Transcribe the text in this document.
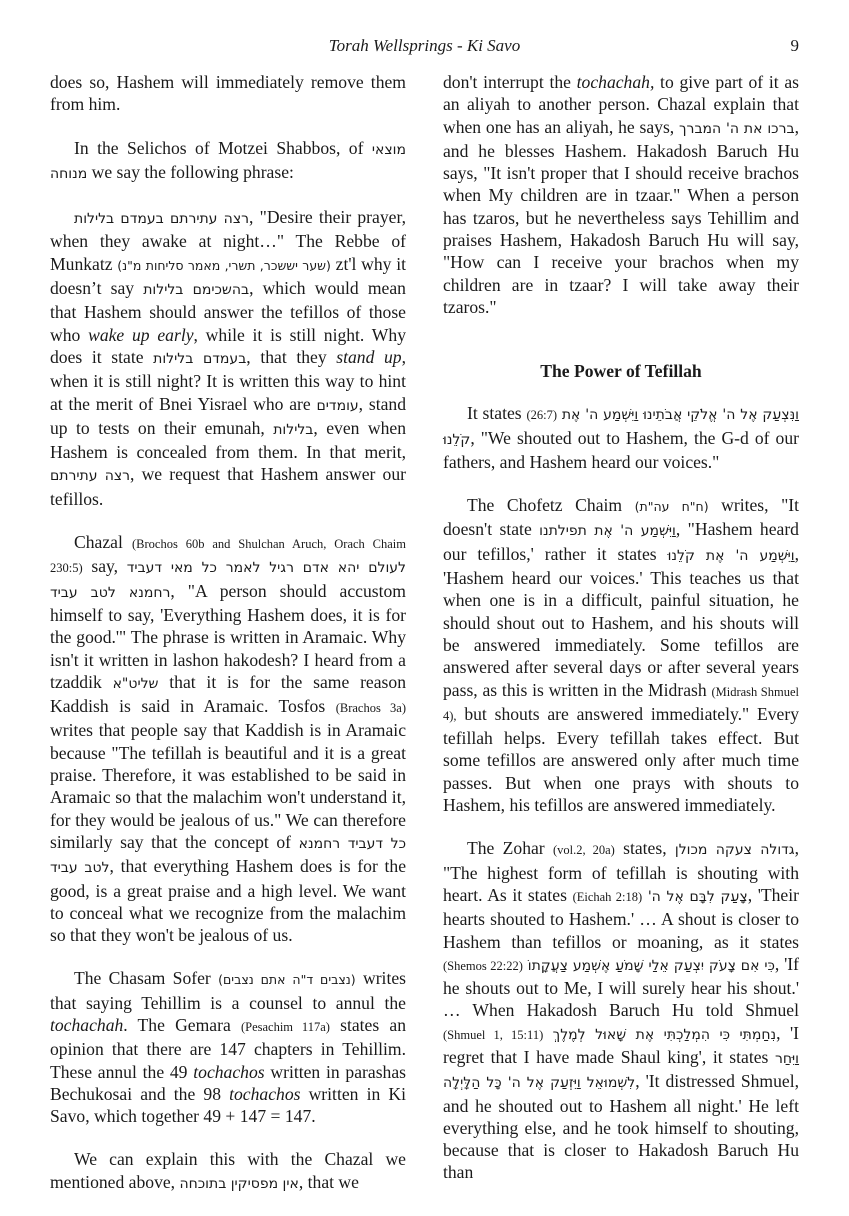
Torah Wellsprings - Ki Savo	9

does so, Hashem will immediately remove them from him.

In the Selichos of Motzei Shabbos, of מוצאי מנוחה we say the following phrase:

רצה עתירתם בעמדם בלילות, "Desire their prayer, when they awake at night…" The Rebbe of Munkatz (שער יששכר, תשרי, מאמר סליחות מ"נ) zt'l why it doesn’t say בהשכימם בלילות, which would mean that Hashem should answer the tefillos of those who wake up early, while it is still night. Why does it state בעמדם בלילות, that they stand up, when it is still night? It is written this way to hint at the merit of Bnei Yisrael who are עומדים, stand up to tests on their emunah, בלילות, even when Hashem is concealed from them. In that merit, רצה עתירתם, we request that Hashem answer our tefillos.

Chazal (Brochos 60b and Shulchan Aruch, Orach Chaim 230:5) say, לעולם יהא אדם רגיל לאמר כל מאי דעביד רחמנא לטב עביד, "A person should accustom himself to say, 'Everything Hashem does, it is for the good.'" The phrase is written in Aramaic. Why isn't it written in lashon hakodesh? I heard from a tzaddik שליט"א that it is for the same reason Kaddish is said in Aramaic. Tosfos (Brachos 3a) writes that people say that Kaddish is in Aramaic because "The tefillah is beautiful and it is a great praise. Therefore, it was established to be said in Aramaic so that the malachim won't understand it, for they would be jealous of us." We can therefore similarly say that the concept of כל דעביד רחמנא לטב עביד, that everything Hashem does is for the good, is a great praise and a high level. We want to conceal what we recognize from the malachim so that they won't be jealous of us.

The Chasam Sofer (נצבים ד"ה אתם נצבים) writes that saying Tehillim is a counsel to annul the tochachah. The Gemara (Pesachim 117a) states an opinion that there are 147 chapters in Tehillim. These annul the 49 tochachos written in parashas Bechukosai and the 98 tochachos written in Ki Savo, which together 49 + 147 = 147.

We can explain this with the Chazal we mentioned above, אין מפסיקין בתוכחה, that we

don't interrupt the tochachah, to give part of it as an aliyah to another person. Chazal explain that when one has an aliyah, he says, ברכו את ה' המברך, and he blesses Hashem. Hakadosh Baruch Hu says, "It isn't proper that I should receive brachos when My children are in tzaar." When a person has tzaros, but he nevertheless says Tehillim and praises Hashem, Hakadosh Baruch Hu will say, "How can I receive your brachos when my children are in tzaar? I will take away their tzaros."

The Power of Tefillah

It states (26:7) וַנִּצְעַק אֶל ה' אֱלֹקֵי אֲבֹתֵינוּ וַיִּשְׁמַע ה' אֶת קֹלֵנוּ, "We shouted out to Hashem, the G-d of our fathers, and Hashem heard our voices."

The Chofetz Chaim (ח"ח עה"ת) writes, "It doesn't state וַיִּשְׁמַע ה' אֶת תפילתנו, "Hashem heard our tefillos,' rather it states וַיִּשְׁמַע ה' אֶת קֹלֵנוּ, 'Hashem heard our voices.' This teaches us that when one is in a difficult, painful situation, he should shout out to Hashem, and his shouts will be answered immediately. Some tefillos are answered after several days or after several years pass, as this is written in the Midrash (Midrash Shmuel 4), but shouts are answered immediately." Every tefillah helps. Every tefillah takes effect. But some tefillos are answered only after much time passes. But when one prays with shouts to Hashem, his tefillos are answered immediately.

The Zohar (vol.2, 20a) states, גדולה צעקה מכולן, "The highest form of tefillah is shouting with heart. As it states (Eichah 2:18) צָעַק לִבָּם אֶל ה', 'Their hearts shouted to Hashem.' … A shout is closer to Hashem than tefillos or moaning, as it states (Shemos 22:22) כִּי אִם צָעֹק יִצְעַק אֵלַי שָׁמֹעַ אֶשְׁמַע צַעֲקָתוֹ, 'If he shouts out to Me, I will surely hear his shout.' … When Hakadosh Baruch Hu told Shmuel (Shmuel 1, 15:11) נִחַמְתִּי כִּי הִמְלַכְתִּי אֶת שָׁאוּל לְמֶלֶךְ, 'I regret that I have made Shaul king', it states וַיִּחַר לִשְׁמוּאֵל וַיִּזְעַק אֶל ה' כָּל הַלָּיְלָה, 'It distressed Shmuel, and he shouted out to Hashem all night.' He left everything else, and he took himself to shouting, because that is closer to Hakadosh Baruch Hu than
